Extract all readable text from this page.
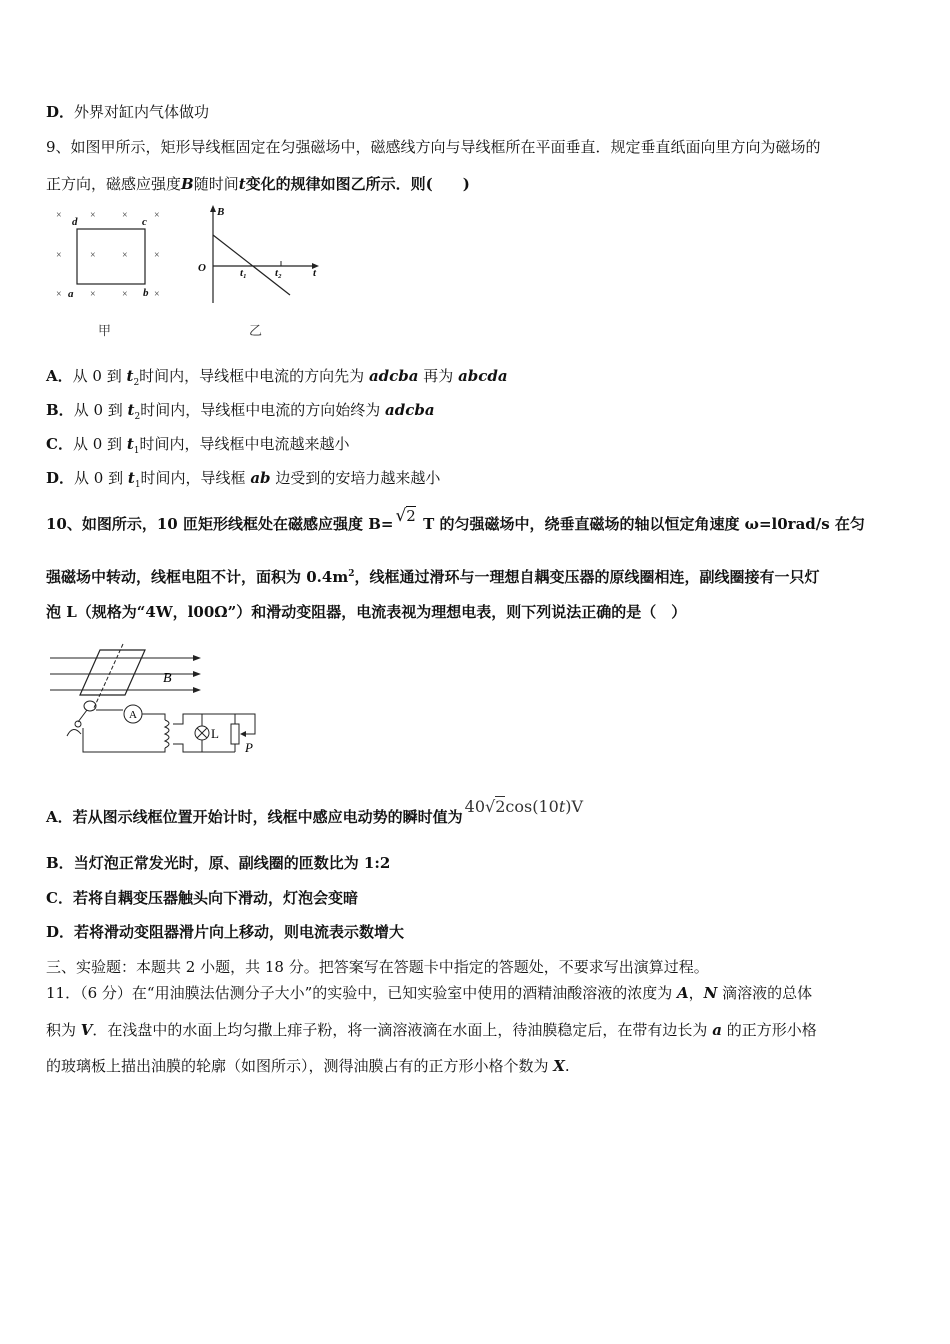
D．外界对缸内气体做功
9、如图甲所示，矩形导线框固定在匀强磁场中，磁感线方向与导线框所在平面垂直．规定垂直纸面向里方向为磁场的
正方向，磁感应强度B随时间t变化的规律如图乙所示．则(　　)
×	×	×	×
×	×	×	×
×	×	×	×
d	c
a	b
甲
B
O	t₁	t₂	t
乙
A．从 0 到 $t_2$时间内，导线框中电流的方向先为 adcba 再为 abcda
B．从 0 到 $t_2$时间内，导线框中电流的方向始终为 adcba
C．从 0 到 $t_1$时间内，导线框中电流越来越小
D．从 0 到 $t_1$时间内，导线框 ab 边受到的安培力越来越小
10、如图所示，10 匝矩形线框处在磁感应强度 B= √2 T 的匀强磁场中，绕垂直磁场的轴以恒定角速度 ω=l0rad/s 在匀
强磁场中转动，线框电阻不计，面积为 $0.4m^2$，线框通过滑环与一理想自耦变压器的原线圈相连，副线圈接有一只灯
泡 L（规格为“4W，l00Ω”）和滑动变阻器，电流表视为理想电表，则下列说法正确的是（　）
B
A
L
P
A．若从图示线框位置开始计时，线框中感应电动势的瞬时值为40√2cos(10t)V
B．当灯泡正常发光时，原、副线圈的匝数比为 1:2
C．若将自耦变压器触头向下滑动，灯泡会变暗
D．若将滑动变阻器滑片向上移动，则电流表示数增大
三、实验题：本题共 2 小题，共 18 分。把答案写在答题卡中指定的答题处，不要求写出演算过程。
11．（6 分）在“用油膜法估测分子大小”的实验中，已知实验室中使用的酒精油酸溶液的浓度为 A，N 滴溶液的总体
积为 V．在浅盘中的水面上均匀撒上痱子粉，将一滴溶液滴在水面上，待油膜稳定后，在带有边长为 a 的正方形小格
的玻璃板上描出油膜的轮廓（如图所示），测得油膜占有的正方形小格个数为 X.
